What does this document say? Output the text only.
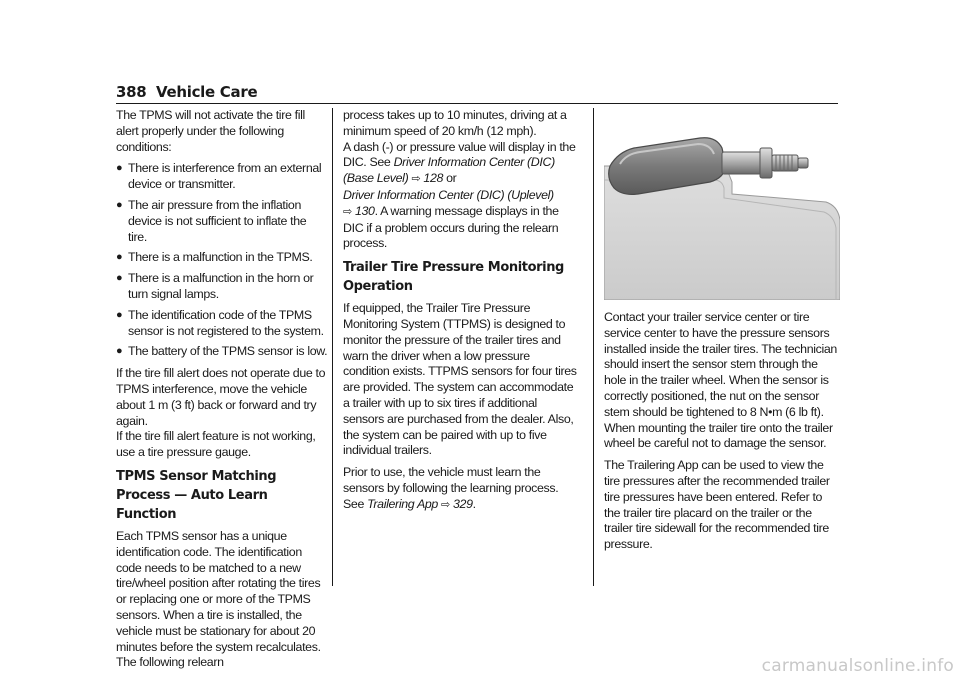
388 Vehicle Care

The TPMS will not activate the tire fill alert properly under the following conditions:

● There is interference from an external device or transmitter.
● The air pressure from the inflation device is not sufficient to inflate the tire.
● There is a malfunction in the TPMS.
● There is a malfunction in the horn or turn signal lamps.
● The identification code of the TPMS sensor is not registered to the system.
● The battery of the TPMS sensor is low.

If the tire fill alert does not operate due to TPMS interference, move the vehicle about 1 m (3 ft) back or forward and try again.

If the tire fill alert feature is not working, use a tire pressure gauge.

TPMS Sensor Matching Process — Auto Learn Function

Each TPMS sensor has a unique identification code. The identification code needs to be matched to a new tire/wheel position after rotating the tires or replacing one or more of the TPMS sensors. When a tire is installed, the vehicle must be stationary for about 20 minutes before the system recalculates. The following relearn

process takes up to 10 minutes, driving at a minimum speed of 20 km/h (12 mph).

A dash (-) or pressure value will display in the DIC. See Driver Information Center (DIC) (Base Level) ⇨ 128 or
Driver Information Center (DIC) (Uplevel)
⇨ 130. A warning message displays in the DIC if a problem occurs during the relearn process.

Trailer Tire Pressure Monitoring Operation

If equipped, the Trailer Tire Pressure Monitoring System (TTPMS) is designed to monitor the pressure of the trailer tires and warn the driver when a low pressure condition exists. TTPMS sensors for four tires are provided. The system can accommodate a trailer with up to six tires if additional sensors are purchased from the dealer. Also, the system can be paired with up to five individual trailers.

Prior to use, the vehicle must learn the sensors by following the learning process. See Trailering App ⇨ 329.

Contact your trailer service center or tire service center to have the pressure sensors installed inside the trailer tires. The technician should insert the sensor stem through the hole in the trailer wheel. When the sensor is correctly positioned, the nut on the sensor stem should be tightened to 8 N•m (6 lb ft). When mounting the trailer tire onto the trailer wheel be careful not to damage the sensor.

The Trailering App can be used to view the tire pressures after the recommended trailer tire pressures have been entered. Refer to the trailer tire placard on the trailer or the trailer tire sidewall for the recommended tire pressure.

carmanualsonline.info
